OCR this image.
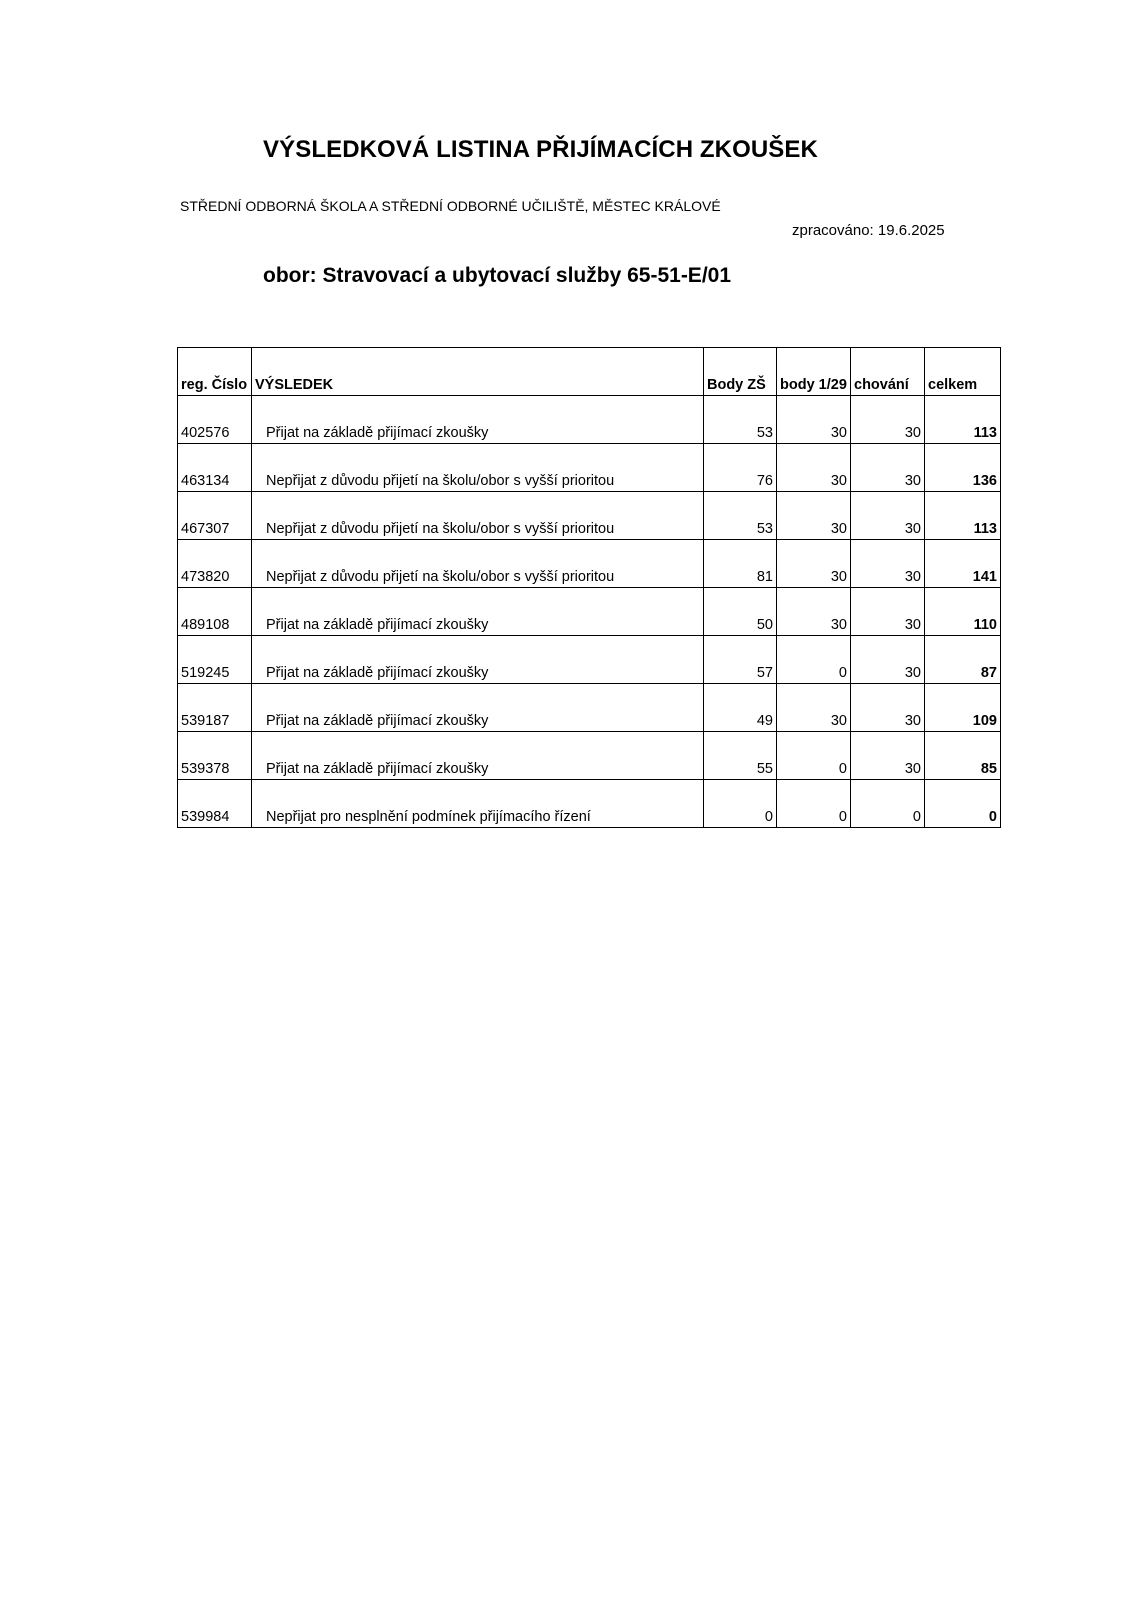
VÝSLEDKOVÁ LISTINA PŘIJÍMACÍCH ZKOUŠEK
STŘEDNÍ ODBORNÁ ŠKOLA A STŘEDNÍ ODBORNÉ UČILIŠTĚ, MĚSTEC KRÁLOVÉ
zpracováno: 19.6.2025
obor: Stravovací a ubytovací služby 65-51-E/01
reg. Číslo	VÝSLEDEK	Body ZŠ	body 1/29	chování	celkem
402576	Přijat na základě přijímací zkoušky	53	30	30	113
463134	Nepřijat z důvodu přijetí na školu/obor s vyšší prioritou	76	30	30	136
467307	Nepřijat z důvodu přijetí na školu/obor s vyšší prioritou	53	30	30	113
473820	Nepřijat z důvodu přijetí na školu/obor s vyšší prioritou	81	30	30	141
489108	Přijat na základě přijímací zkoušky	50	30	30	110
519245	Přijat na základě přijímací zkoušky	57	0	30	87
539187	Přijat na základě přijímací zkoušky	49	30	30	109
539378	Přijat na základě přijímací zkoušky	55	0	30	85
539984	Nepřijat pro nesplnění podmínek přijímacího řízení	0	0	0	0
